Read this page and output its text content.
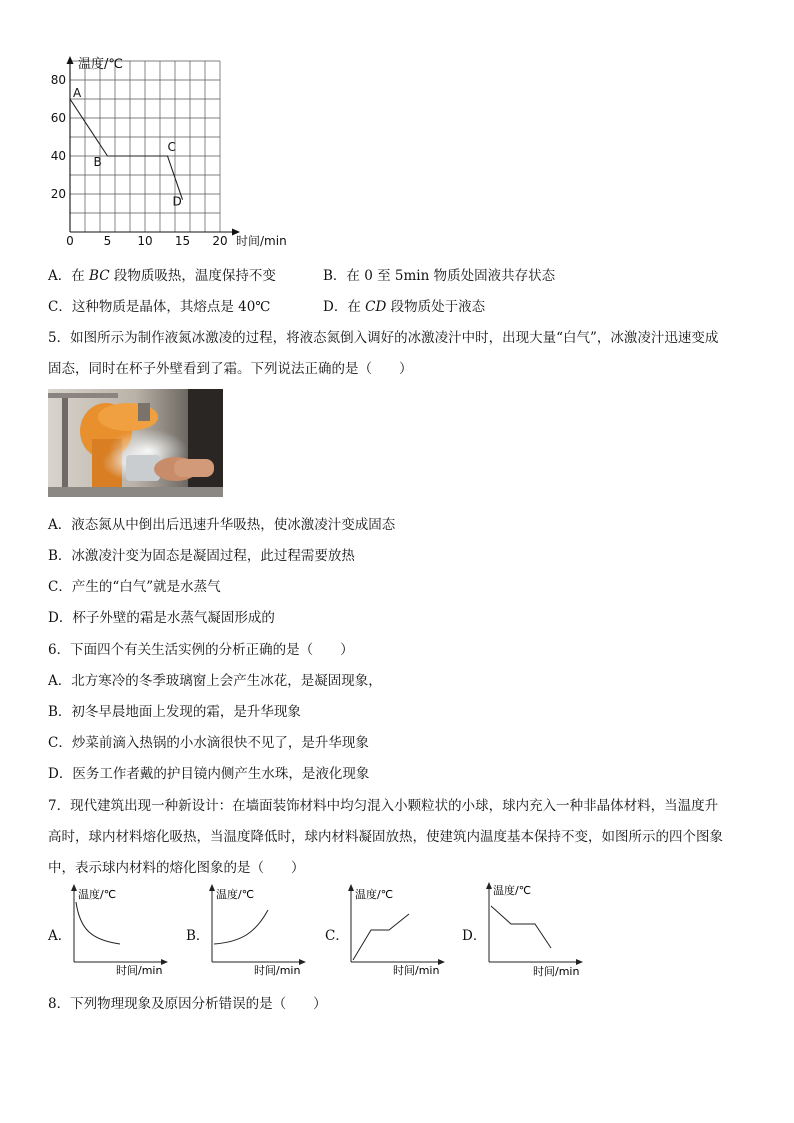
温度/℃
时间/min
80
60
40
20
0 5 10 15 20
A
B
C
D
A．在 BC 段物质吸热，温度保持不变	B．在 0 至 5min 物质处固液共存状态
C．这种物质是晶体，其熔点是 40℃	D．在 CD 段物质处于液态
5．如图所示为制作液氮冰激凌的过程，将液态氮倒入调好的冰激凌汁中时，出现大量“白气”，冰激凌汁迅速变成
固态，同时在杯子外壁看到了霜。下列说法正确的是（　　）
A．液态氮从中倒出后迅速升华吸热，使冰激凌汁变成固态
B．冰激凌汁变为固态是凝固过程，此过程需要放热
C．产生的“白气”就是水蒸气
D．杯子外壁的霜是水蒸气凝固形成的
6．下面四个有关生活实例的分析正确的是（　　）
A．北方寒冷的冬季玻璃窗上会产生冰花，是凝固现象，
B．初冬早晨地面上发现的霜，是升华现象
C．炒菜前滴入热锅的小水滴很快不见了，是升华现象
D．医务工作者戴的护目镜内侧产生水珠，是液化现象
7．现代建筑出现一种新设计：在墙面装饰材料中均匀混入小颗粒状的小球，球内充入一种非晶体材料，当温度升
高时，球内材料熔化吸热，当温度降低时，球内材料凝固放热，使建筑内温度基本保持不变，如图所示的四个图象
中，表示球内材料的熔化图象的是（　　）
A．
温度/℃
时间/min
B．
温度/℃
时间/min
C．
温度/℃
时间/min
D．
温度/℃
时间/min
8．下列物理现象及原因分析错误的是（　　）
